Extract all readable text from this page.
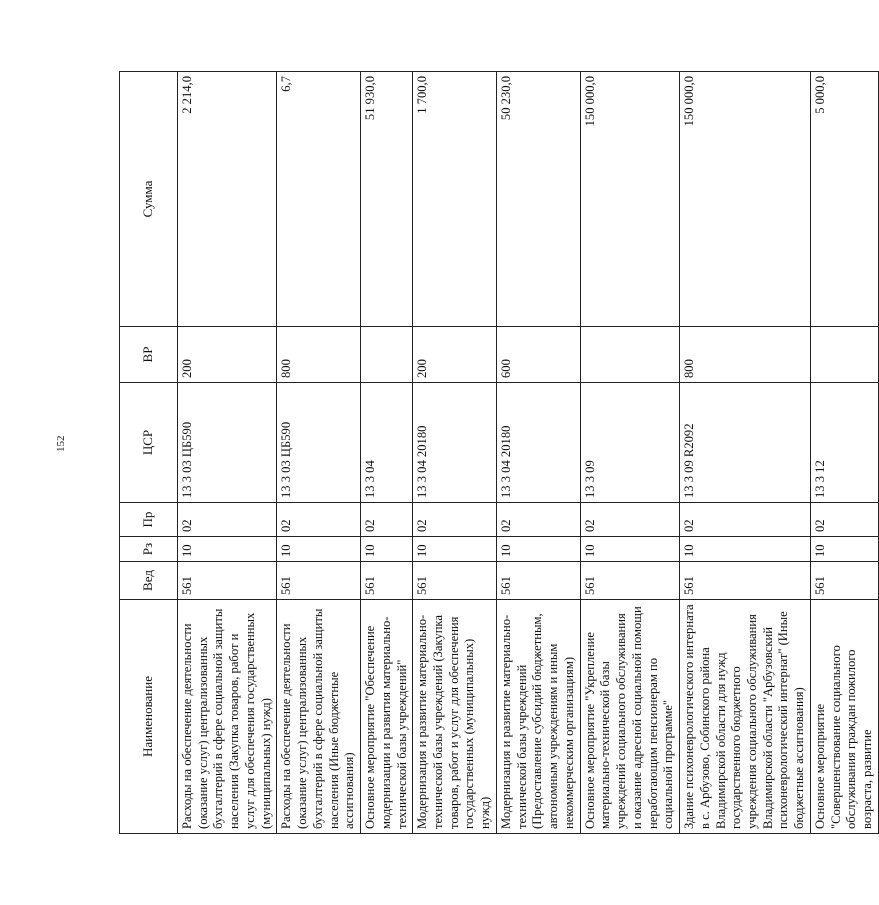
152
Наименование	Вед	Рз	Пр	ЦСР	ВР	Сумма
Расходы на обеспечение деятельности (оказание услуг) централизованных бухгалтерий в сфере социальной защиты населения (Закупка товаров, работ и услуг для обеспечения государственных (муниципальных) нужд)	561	10	02	13 3 03 ЦБ590	200	2 214,0
Расходы на обеспечение деятельности (оказание услуг) централизованных бухгалтерий в сфере социальной защиты населения (Иные бюджетные ассигнования)	561	10	02	13 3 03 ЦБ590	800	6,7
Основное мероприятие "Обеспечение модернизации и развития материально-технической базы учреждений"	561	10	02	13 3 04		51 930,0
Модернизация и развитие материально-технической базы учреждений (Закупка товаров, работ и услуг для обеспечения государственных (муниципальных) нужд)	561	10	02	13 3 04 20180	200	1 700,0
Модернизация и развитие материально-технической базы учреждений (Предоставление субсидий бюджетным, автономным учреждениям и иным некоммерческим организациям)	561	10	02	13 3 04 20180	600	50 230,0
Основное мероприятие "Укрепление материально-технической базы учреждений социального обслуживания и оказание адресной социальной помощи неработающим пенсионерам по социальной программе"	561	10	02	13 3 09		150 000,0
Здание психоневрологического интерната в с. Арбузово, Собинского района Владимирской области для нужд государственного бюджетного учреждения социального обслуживания Владимирской области "Арбузовский психоневрологический интернат" (Иные бюджетные ассигнования)	561	10	02	13 3 09 R2092	800	150 000,0
Основное мероприятие "Совершенствование социального обслуживания граждан пожилого возраста, развитие	561	10	02	13 3 12		5 000,0
